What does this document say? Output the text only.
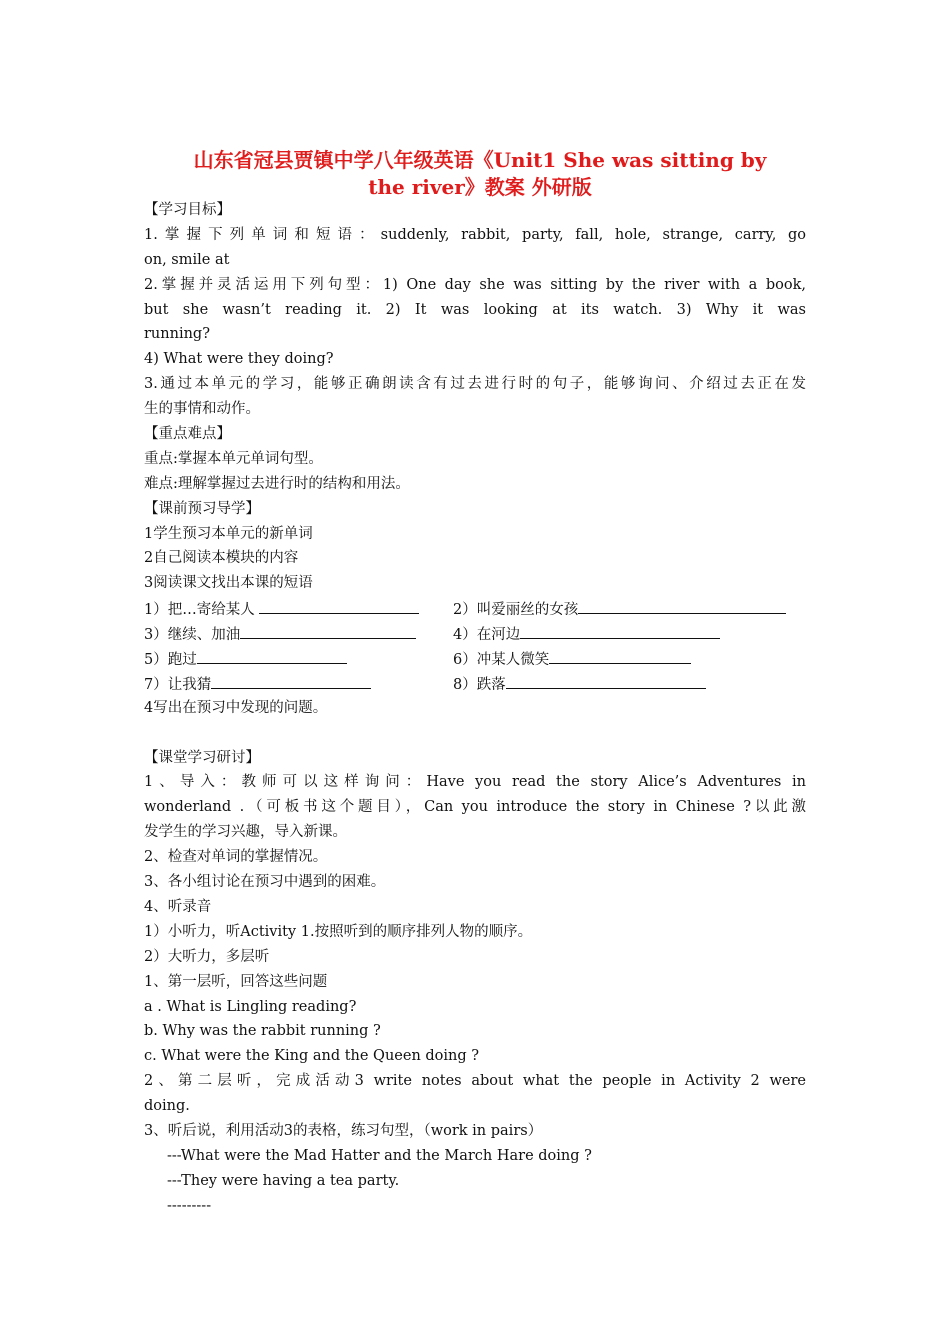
山东省冠县贾镇中学八年级英语《Unit1 She was sitting by
the river》教案 外研版
【学习目标】
1.掌握下列单词和短语：suddenly, rabbit, party, fall, hole, strange, carry, go
on, smile at
2.掌握并灵活运用下列句型：1) One day she was sitting by the river with a book,
but she wasn’t reading it. 2) It was looking at its watch. 3) Why it was
running?
4) What were they doing?
3.通过本单元的学习，能够正确朗读含有过去进行时的句子，能够询问、介绍过去正在发
生的事情和动作。
【重点难点】
重点:掌握本单元单词句型。
难点:理解掌握过去进行时的结构和用法。
【课前预习导学】
1学生预习本单元的新单词
2自己阅读本模块的内容
3阅读课文找出本课的短语
1）把…寄给某人	2）叫爱丽丝的女孩
3）继续、加油	4）在河边
5）跑过	6）冲某人微笑
7）让我猜	8）跌落
4写出在预习中发现的问题。
【课堂学习研讨】
1、导入：教师可以这样询问：Have you read the story Alice’s Adventures in
wonderland .（可板书这个题目），Can you introduce the story in Chinese ?以此激
发学生的学习兴趣，导入新课。
2、检查对单词的掌握情况。
3、各小组讨论在预习中遇到的困难。
4、听录音
1）小听力，听Activity 1.按照听到的顺序排列人物的顺序。
2）大听力，多层听
1、第一层听，回答这些问题
a . What is Lingling reading?
b. Why was the rabbit running ?
c. What were the King and the Queen doing ?
2、第二层听，完成活动3 write notes about what the people in Activity 2 were
doing.
3、听后说，利用活动3的表格，练习句型，（work in pairs）
---What were the Mad Hatter and the March Hare doing ?
---They were having a tea party.
---------
